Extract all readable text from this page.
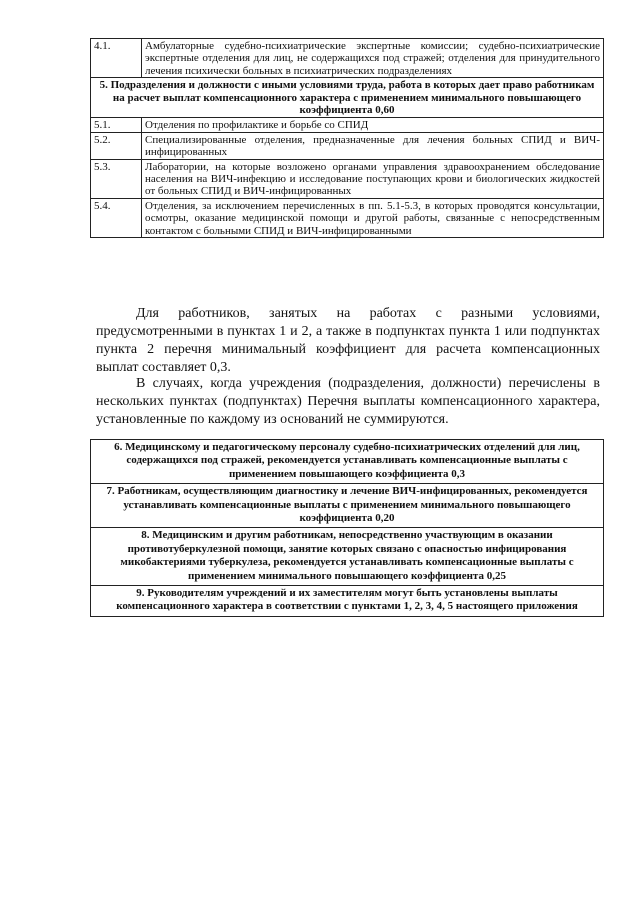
4.1.	Амбулаторные судебно-психиатрические экспертные комиссии; судебно-психиатрические экспертные отделения для лиц, не содержащихся под стражей; отделения для принудительного лечения психически больных в психиатрических подразделениях
5. Подразделения и должности с иными условиями труда, работа в которых дает право работникам на расчет выплат компенсационного характера с применением минимального повышающего коэффициента 0,60	
5.1.	Отделения по профилактике и борьбе со СПИД
5.2.	Специализированные отделения, предназначенные для лечения больных СПИД и ВИЧ-инфицированных
5.3.	Лаборатории, на которые возложено органами управления здравоохранением обследование населения на ВИЧ-инфекцию и исследование поступающих крови и биологических жидкостей от больных СПИД и ВИЧ-инфицированных
5.4.	Отделения, за исключением перечисленных в пп. 5.1-5.3, в которых проводятся консультации, осмотры, оказание медицинской помощи и другой работы, связанные с непосредственным контактом с больными СПИД и ВИЧ-инфицированными

Для работников, занятых на работах с разными условиями, предусмотренными в пунктах 1 и 2, а также в подпунктах пункта 1 или подпунктах пункта 2 перечня минимальный коэффициент для расчета компенсационных выплат составляет 0,3.

В случаях, когда учреждения (подразделения, должности) перечислены в нескольких пунктах (подпунктах) Перечня выплаты компенсационного характера, установленные по каждому из оснований не суммируются.

6. Медицинскому и педагогическому персоналу судебно-психиатрических отделений для лиц, содержащихся под стражей, рекомендуется устанавливать компенсационные выплаты с применением повышающего коэффициента 0,3
7. Работникам, осуществляющим диагностику и лечение ВИЧ-инфицированных, рекомендуется устанавливать компенсационные выплаты с применением минимального повышающего коэффициента 0,20
8. Медицинским и другим работникам, непосредственно участвующим в оказании противотуберкулезной помощи, занятие которых связано с опасностью инфицирования микобактериями туберкулеза, рекомендуется устанавливать компенсационные выплаты с применением минимального повышающего коэффициента 0,25
9. Руководителям учреждений и их заместителям могут быть установлены выплаты компенсационного характера в соответствии с пунктами 1, 2, 3, 4, 5 настоящего приложения
